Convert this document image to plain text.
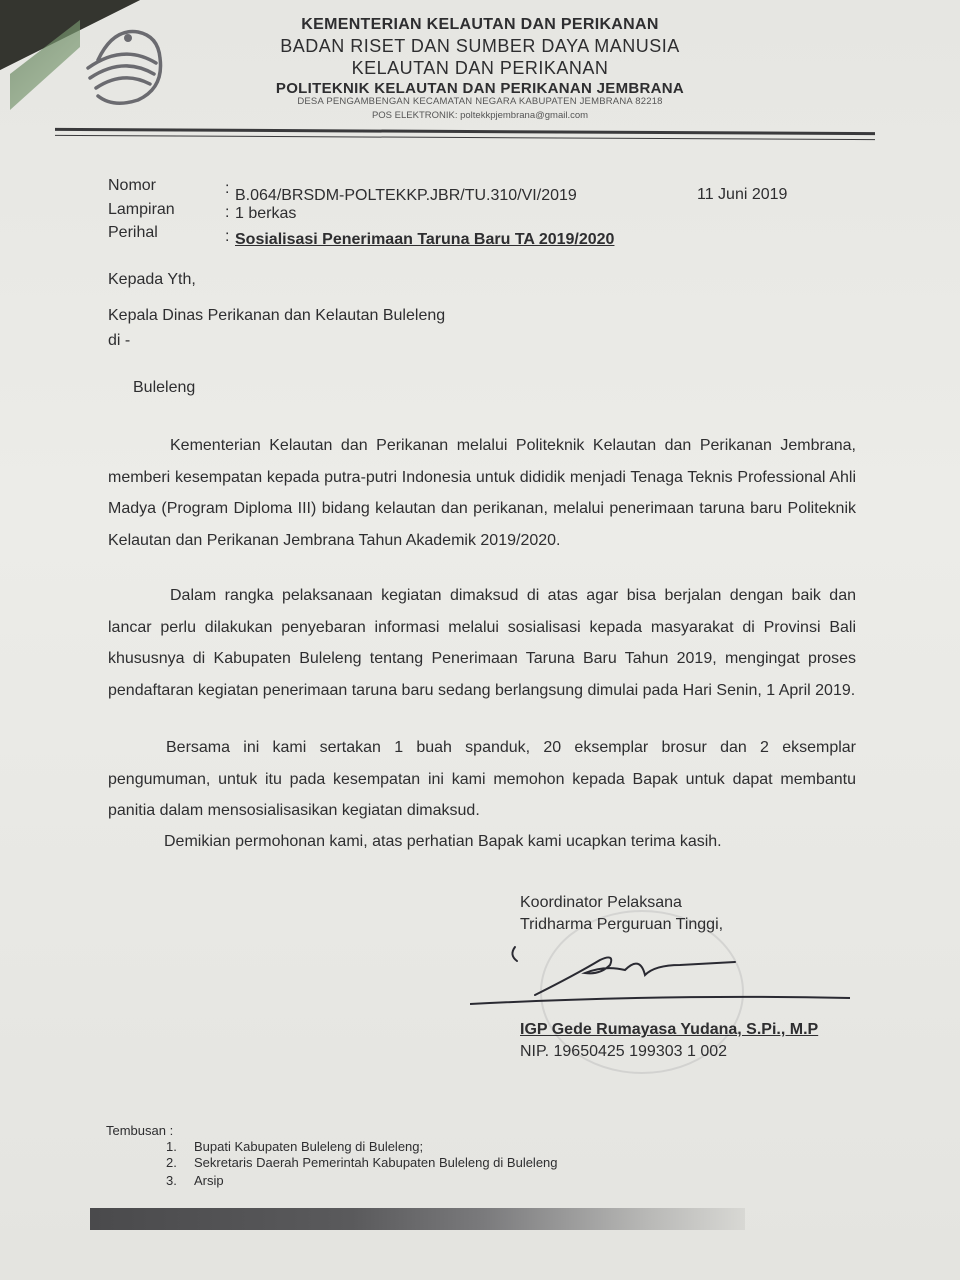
KEMENTERIAN KELAUTAN DAN PERIKANAN
BADAN RISET DAN SUMBER DAYA MANUSIA
KELAUTAN DAN PERIKANAN
POLITEKNIK KELAUTAN DAN PERIKANAN JEMBRANA
DESA PENGAMBENGAN KECAMATAN NEGARA KABUPATEN JEMBRANA 82218
POS ELEKTRONIK: poltekkpjembrana@gmail.com
Nomor
Lampiran
Perihal
:
:
:
B.064/BRSDM-POLTEKKP.JBR/TU.310/VI/2019	11 Juni 2019
1 berkas
Sosialisasi Penerimaan Taruna Baru TA 2019/2020
Kepada Yth,
Kepala Dinas Perikanan dan Kelautan Buleleng
di -
Buleleng
Kementerian Kelautan dan Perikanan melalui Politeknik Kelautan dan Perikanan Jembrana, memberi kesempatan kepada putra-putri Indonesia untuk dididik menjadi Tenaga Teknis Professional Ahli Madya (Program Diploma III) bidang kelautan dan perikanan, melalui penerimaan taruna baru Politeknik Kelautan dan Perikanan Jembrana Tahun Akademik 2019/2020.
Dalam rangka pelaksanaan kegiatan dimaksud di atas agar bisa berjalan dengan baik dan lancar perlu dilakukan penyebaran informasi melalui sosialisasi kepada masyarakat di Provinsi Bali khususnya di Kabupaten Buleleng tentang Penerimaan Taruna Baru Tahun 2019, mengingat proses pendaftaran kegiatan penerimaan taruna baru sedang berlangsung dimulai pada Hari Senin, 1 April 2019.
Bersama ini kami sertakan 1 buah spanduk, 20 eksemplar brosur dan 2 eksemplar pengumuman, untuk itu pada kesempatan ini kami memohon kepada Bapak untuk dapat membantu panitia dalam mensosialisasikan kegiatan dimaksud.
Demikian permohonan kami, atas perhatian Bapak kami ucapkan terima kasih.
Koordinator Pelaksana
Tridharma Perguruan Tinggi,
IGP Gede Rumayasa Yudana, S.Pi., M.P
NIP. 19650425 199303 1 002
Tembusan :
1. Bupati Kabupaten Buleleng di Buleleng;
2. Sekretaris Daerah Pemerintah Kabupaten Buleleng di Buleleng
3. Arsip
